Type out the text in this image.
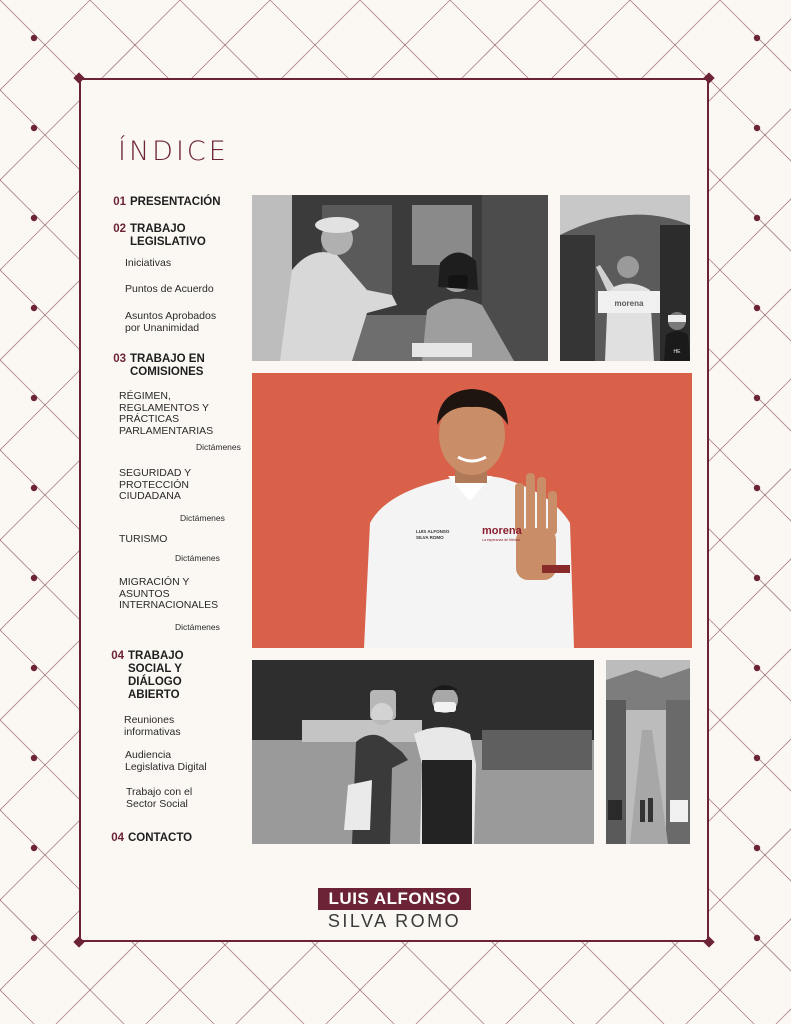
ÍNDICE
01 PRESENTACIÓN
02 TRABAJO
LEGISLATIVO
Iniciativas
Puntos de Acuerdo
Asuntos Aprobados
por Unanimidad
03 TRABAJO EN
COMISIONES
RÉGIMEN,
REGLAMENTOS Y
PRÁCTICAS
PARLAMENTARIAS
Dictámenes
SEGURIDAD Y
PROTECCIÓN
CIUDADANA
Dictámenes
TURISMO
Dictámenes
MIGRACIÓN Y
ASUNTOS
INTERNACIONALES
Dictámenes
04 TRABAJO
SOCIAL Y
DIÁLOGO
ABIERTO
Reuniones
informativas
Audiencia
Legislativa Digital
Trabajo con el
Sector Social
04 CONTACTO
morena
HE
morena
La esperanza de México
LUIS ALFONSO
SILVA ROMO
LUIS ALFONSO
SILVA ROMO
